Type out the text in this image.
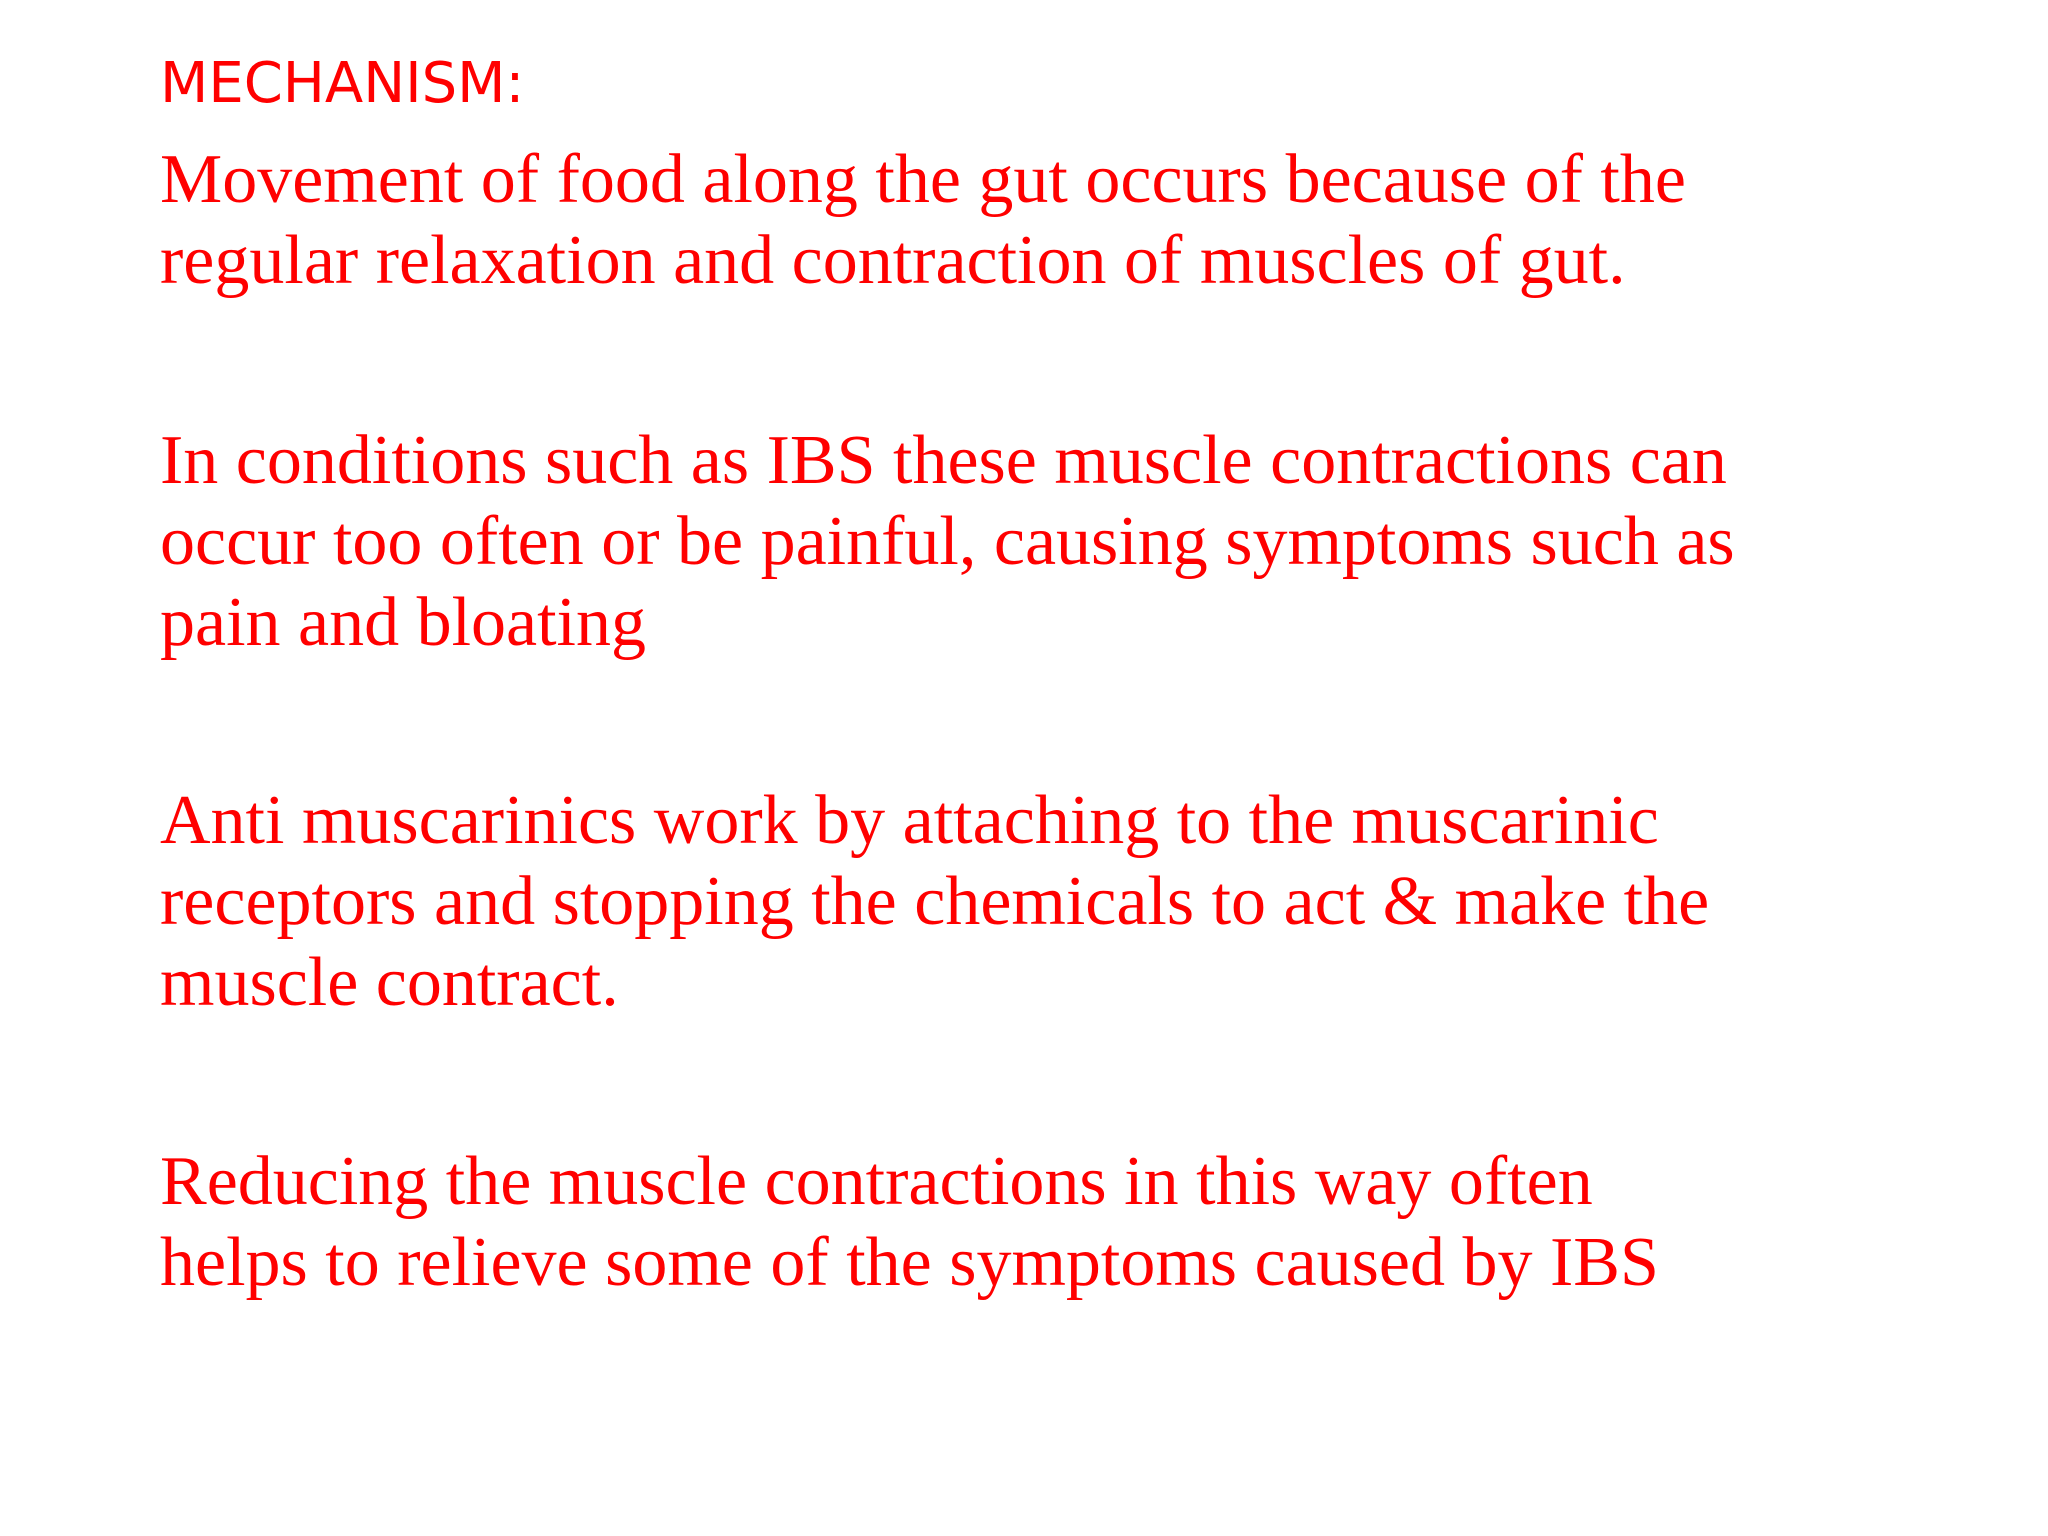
MECHANISM:

Movement of food along the gut occurs because of the
regular relaxation and contraction of muscles of gut.

In conditions such as IBS these muscle contractions can
occur too often or be painful, causing symptoms such as
pain and bloating

Anti muscarinics work by attaching to the muscarinic
receptors and stopping the chemicals to act & make the
muscle contract.

Reducing the muscle contractions in this way often
helps to relieve some of the symptoms caused by IBS
